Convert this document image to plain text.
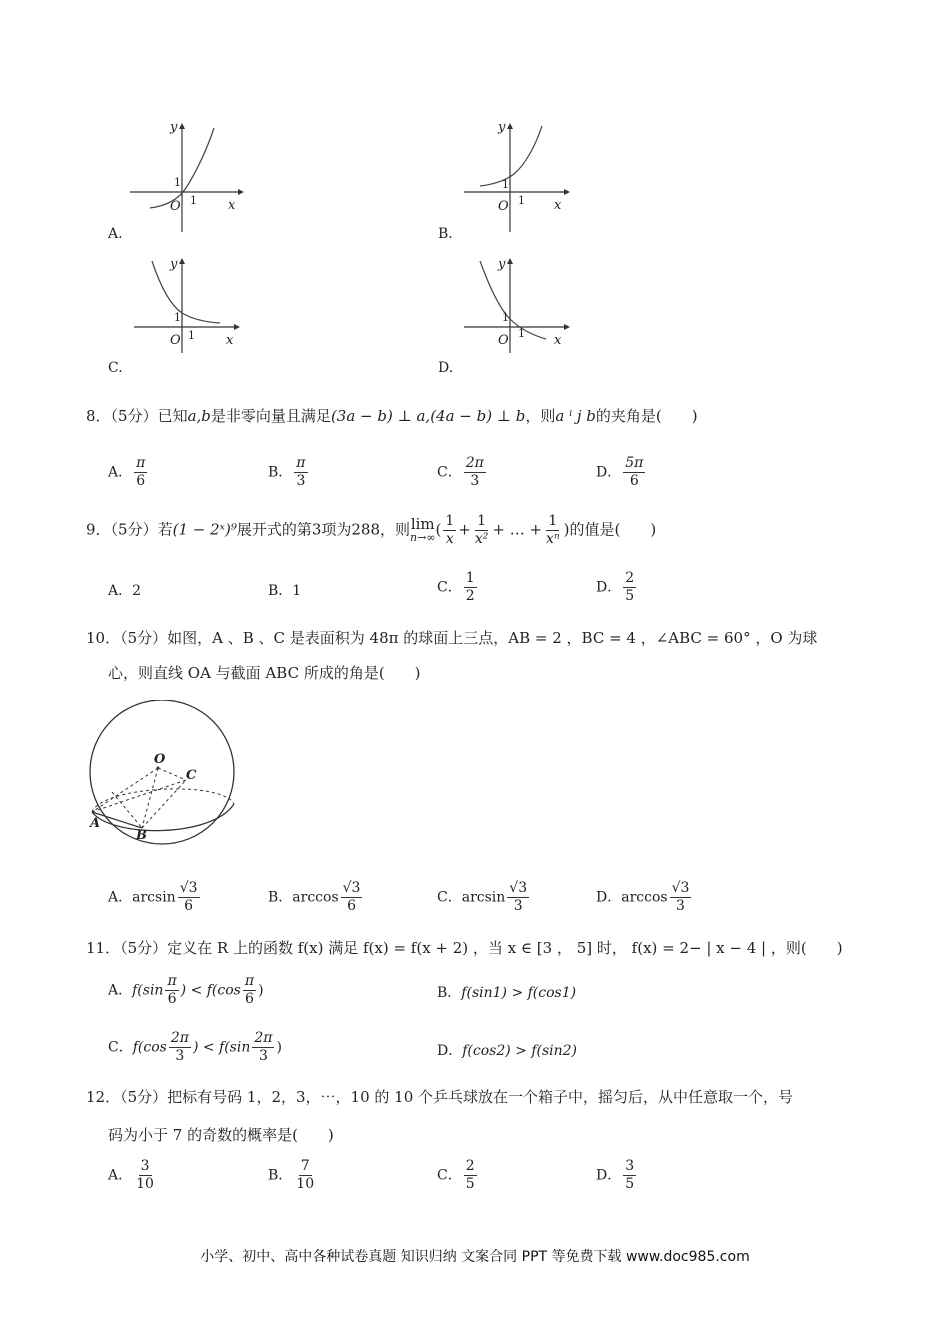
y
x
O 1
1
A.
y
x
O 1
1
B.
y
x
O 1
1
C.
y
x
O 1
1
D.
8．（5分）已知a,b是非零向量且满足(3a − b) ⊥ a,(4a − b) ⊥ b，则a ⁱ j b的夹角是(　　)
A． $\frac{\pi}{6}$	B． $\frac{\pi}{3}$	C． $\frac{2\pi}{3}$	D． $\frac{5\pi}{6}$
9．（5分）若(1 − 2ˣ)⁹展开式的第3项为288，则 lim
n→∞ ( $\frac{1}{x} + \frac{1}{\text{x²}}$ + … + $\frac{1}{\text{xⁿ}}$ )的值是(　　)
A．2	B．1	C． $\frac{1}{2}$	D． $\frac{2}{5}$
10．（5分）如图，A 、B 、C 是表面积为 48π 的球面上三点，AB = 2 ，BC = 4 ，∠ABC = 60° ，O 为球
心，则直线 OA 与截面 ABC 所成的角是(　　)
O
C
A
B
A．$\arcsin \frac{√3}{6}$	B．$\arccos \frac{√3}{6}$	C．$\arcsin \frac{√3}{3}$	D．$\arccos \frac{√3}{3}$
11．（5分）定义在 R 上的函数 f(x) 满足 f(x) = f(x + 2) ，当 x ∈ [3 ， 5] 时， f(x) = 2− | x − 4 | ，则(　　)
A．$f(\sin \frac{\pi}{6}$ ) < $f(\cos \frac{\pi}{6}$ )	B．f(sin1) > f(cos1)
C．$f(\cos \frac{2\pi}{3}$ ) < $f(\sin \frac{2\pi}{3}$ )	D．f(cos2) > f(sin2)
12．（5分）把标有号码 1，2，3，⋯，10 的 10 个乒乓球放在一个箱子中，摇匀后，从中任意取一个，号
码为小于 7 的奇数的概率是(　　)
A． $\frac{3}{10}$	B． $\frac{7}{10}$	C． $\frac{2}{5}$	D． $\frac{3}{5}$
小学、初中、高中各种试卷真题 知识归纳 文案合同 PPT 等免费下载 www.doc985.com
